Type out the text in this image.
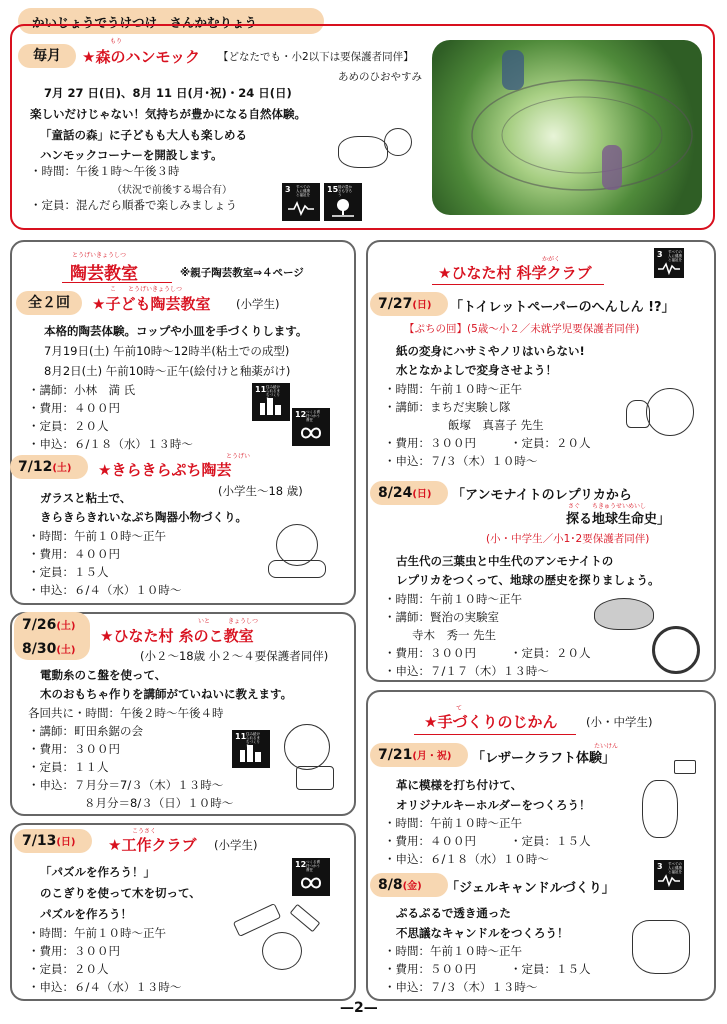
かいじょうでうけつけ　さんかむりょう
毎月
もり
★森のハンモック 【どなたでも・小2以下は要保護者同伴】
あめのひおやすみ
7月 27 日(日)、8月 11 日(月･祝)・24 日(日)
楽しいだけじゃない！気持ちが豊かになる自然体験。
「童話の森」に子どもも大人も楽しめる
ハンモックコーナーを開設します。
・時間：午後１時〜午後３時
（状況で前後する場合有）
・定員：混んだら順番で楽しみましょう
3 すべての人に健康と福祉を
15 陸の豊かさも守ろう
とうげいきょうしつ
陶芸教室	※親子陶芸教室⇒４ページ
全２回
こ　　とうげいきょうしつ
★子ども陶芸教室 (小学生)
本格的陶芸体験。コップや小皿を手づくりします。
7月19日(土) 午前10時〜12時半(粘土での成型)
8月2日(土) 午前10時〜正午(絵付けと釉薬がけ)
・講師：小林　満 氏
・費用：４００円
・定員：２０人
・申込：６/１８（水）１３時〜
11 住み続けられるまちづくり
12 つくる責任つかう責任
7/12(土)
とうげい
★きらきらぷち陶芸
(小学生〜18 歳)
ガラスと粘土で、
きらきらきれいなぷち陶器小物づくり。
・時間：午前１０時〜正午
・費用：４００円
・定員：１５人
・申込：６/４（水）１０時〜
7/26(土)
8/30(土)
いと　　　きょうしつ
★ひなた村 糸のこ教室
(小２〜18歳 小２〜４要保護者同伴)
電動糸のこ盤を使って、
木のおもちゃ作りを講師がていねいに教えます。
各回共に・時間：午後２時〜午後４時
・講師：町田糸鋸の会
・費用：３００円
・定員：１１人
・申込：７月分＝7/３（木）１３時〜
８月分＝8/３（日）１０時〜
11 住み続けられるまちづくり
7/13(日)
こうさく
★工作クラブ (小学生)
「パズルを作ろう！」
のこぎりを使って木を切って、
パズルを作ろう！
・時間：午前１０時〜正午
・費用：３００円
・定員：２０人
・申込：６/４（水）１３時〜
12 つくる責任つかう責任
かがく
★ひなた村 科学クラブ
3 すべての人に健康と福祉を
7/27(日)	「トイレットペーパーのへんしん !?」
【ぷちの回】(5歳〜小２／未就学児要保護者同伴)
紙の変身にハサミやノリはいらない!
水となかよしで変身させよう！
・時間：午前１０時〜正午
・講師：まちだ実験し隊
飯塚　真喜子 先生
・費用：３００円	・定員：２０人
・申込：７/３（木）１０時〜
8/24(日)	「アンモナイトのレプリカから
さぐ　　ちきゅうせいめいし
探る地球生命史」
(小・中学生／小1･2要保護者同伴)
古生代の三葉虫と中生代のアンモナイトの
レプリカをつくって、地球の歴史を探りましょう。
・時間：午前１０時〜正午
・講師：賢治の実験室
寺木　秀一 先生
・費用：３００円	・定員：２０人
・申込：７/１７（木）１３時〜
て
★手づくりのじかん (小・中学生)
7/21(月・祝)
たいけん
「レザークラフト体験」
革に模様を打ち付けて、
オリジナルキーホルダーをつくろう！
・時間：午前１０時〜正午
・費用：４００円	・定員：１５人
・申込：６/１８（水）１０時〜
8/8(金)	「ジェルキャンドルづくり」
3 すべての人に健康と福祉を
ぷるぷるで透き通った
不思議なキャンドルをつくろう！
・時間：午前１０時〜正午
・費用：５００円	・定員：１５人
・申込：７/３（木）１３時〜
—2—
